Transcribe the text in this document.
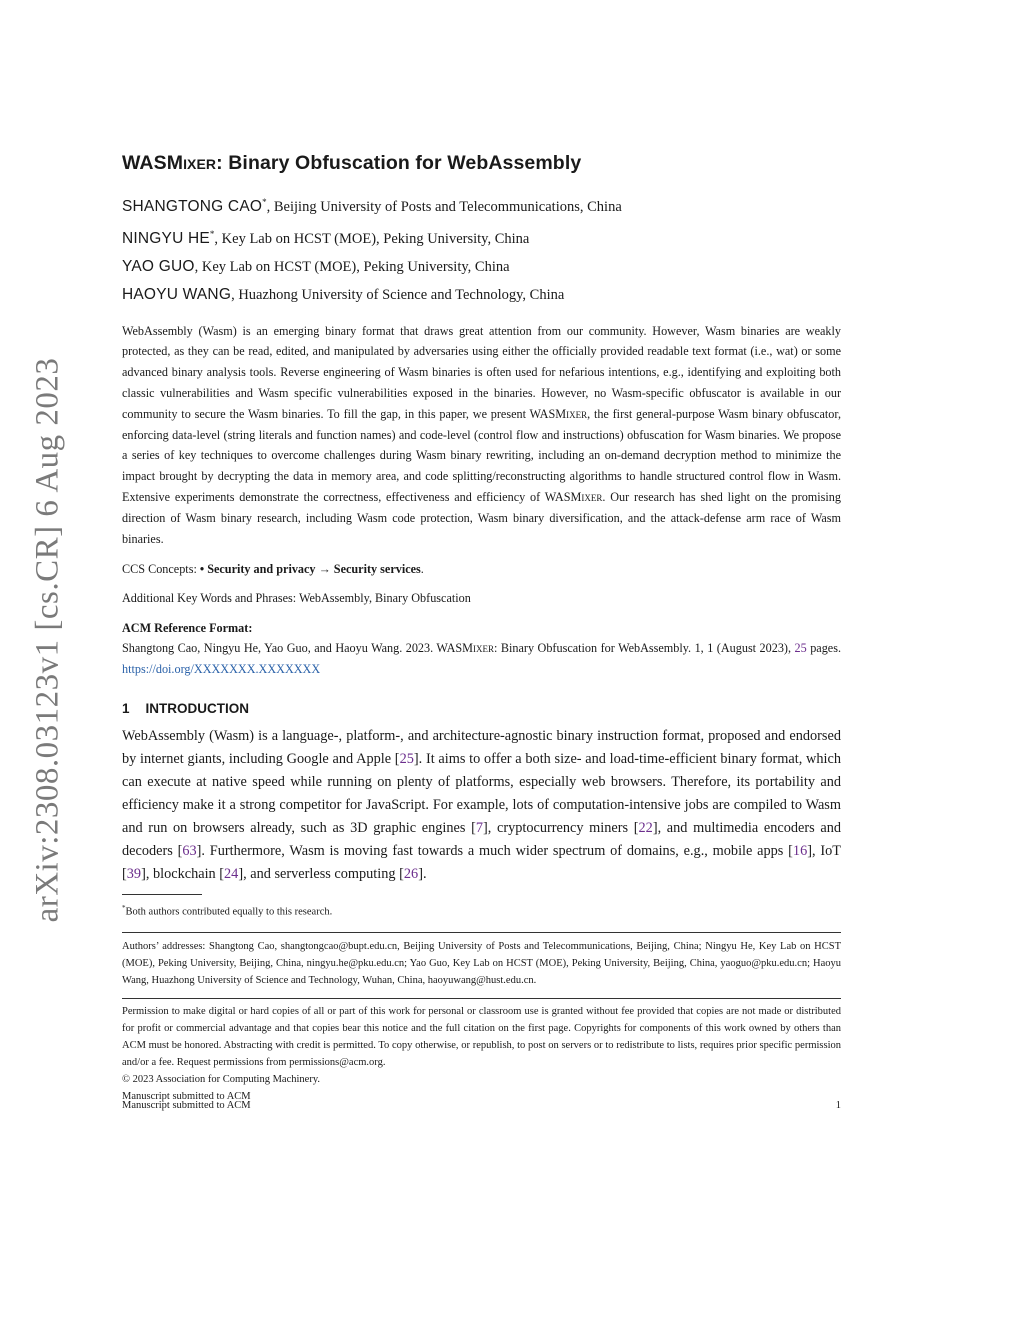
arXiv:2308.03123v1 [cs.CR] 6 Aug 2023
WASMixer: Binary Obfuscation for WebAssembly

SHANGTONG CAO*, Beijing University of Posts and Telecommunications, China

NINGYU HE*, Key Lab on HCST (MOE), Peking University, China

YAO GUO, Key Lab on HCST (MOE), Peking University, China

HAOYU WANG, Huazhong University of Science and Technology, China

WebAssembly (Wasm) is an emerging binary format that draws great attention from our community. However, Wasm binaries are weakly protected, as they can be read, edited, and manipulated by adversaries using either the officially provided readable text format (i.e., wat) or some advanced binary analysis tools. Reverse engineering of Wasm binaries is often used for nefarious intentions, e.g., identifying and exploiting both classic vulnerabilities and Wasm specific vulnerabilities exposed in the binaries. However, no Wasm-specific obfuscator is available in our community to secure the Wasm binaries. To fill the gap, in this paper, we present WASMixer, the first general-purpose Wasm binary obfuscator, enforcing data-level (string literals and function names) and code-level (control flow and instructions) obfuscation for Wasm binaries. We propose a series of key techniques to overcome challenges during Wasm binary rewriting, including an on-demand decryption method to minimize the impact brought by decrypting the data in memory area, and code splitting/reconstructing algorithms to handle structured control flow in Wasm. Extensive experiments demonstrate the correctness, effectiveness and efficiency of WASMixer. Our research has shed light on the promising direction of Wasm binary research, including Wasm code protection, Wasm binary diversification, and the attack-defense arm race of Wasm binaries.
CCS Concepts: • Security and privacy → Security services.
Additional Key Words and Phrases: WebAssembly, Binary Obfuscation
ACM Reference Format:
Shangtong Cao, Ningyu He, Yao Guo, and Haoyu Wang. 2023. WASMixer: Binary Obfuscation for WebAssembly. 1, 1 (August 2023), 25 pages. https://doi.org/XXXXXXX.XXXXXXX
1 INTRODUCTION
WebAssembly (Wasm) is a language-, platform-, and architecture-agnostic binary instruction format, proposed and endorsed by internet giants, including Google and Apple [25]. It aims to offer a both size- and load-time-efficient binary format, which can execute at native speed while running on plenty of platforms, especially web browsers. Therefore, its portability and efficiency make it a strong competitor for JavaScript. For example, lots of computation-intensive jobs are compiled to Wasm and run on browsers already, such as 3D graphic engines [7], cryptocurrency miners [22], and multimedia encoders and decoders [63]. Furthermore, Wasm is moving fast towards a much wider spectrum of domains, e.g., mobile apps [16], IoT [39], blockchain [24], and serverless computing [26].
*Both authors contributed equally to this research.
Authors’ addresses: Shangtong Cao, shangtongcao@bupt.edu.cn, Beijing University of Posts and Telecommunications, Beijing, China; Ningyu He, Key Lab on HCST (MOE), Peking University, Beijing, China, ningyu.he@pku.edu.cn; Yao Guo, Key Lab on HCST (MOE), Peking University, Beijing, China, yaoguo@pku.edu.cn; Haoyu Wang, Huazhong University of Science and Technology, Wuhan, China, haoyuwang@hust.edu.cn.
Permission to make digital or hard copies of all or part of this work for personal or classroom use is granted without fee provided that copies are not made or distributed for profit or commercial advantage and that copies bear this notice and the full citation on the first page. Copyrights for components of this work owned by others than ACM must be honored. Abstracting with credit is permitted. To copy otherwise, or republish, to post on servers or to redistribute to lists, requires prior specific permission and/or a fee. Request permissions from permissions@acm.org.
© 2023 Association for Computing Machinery.
Manuscript submitted to ACM
Manuscript submitted to ACM	1
